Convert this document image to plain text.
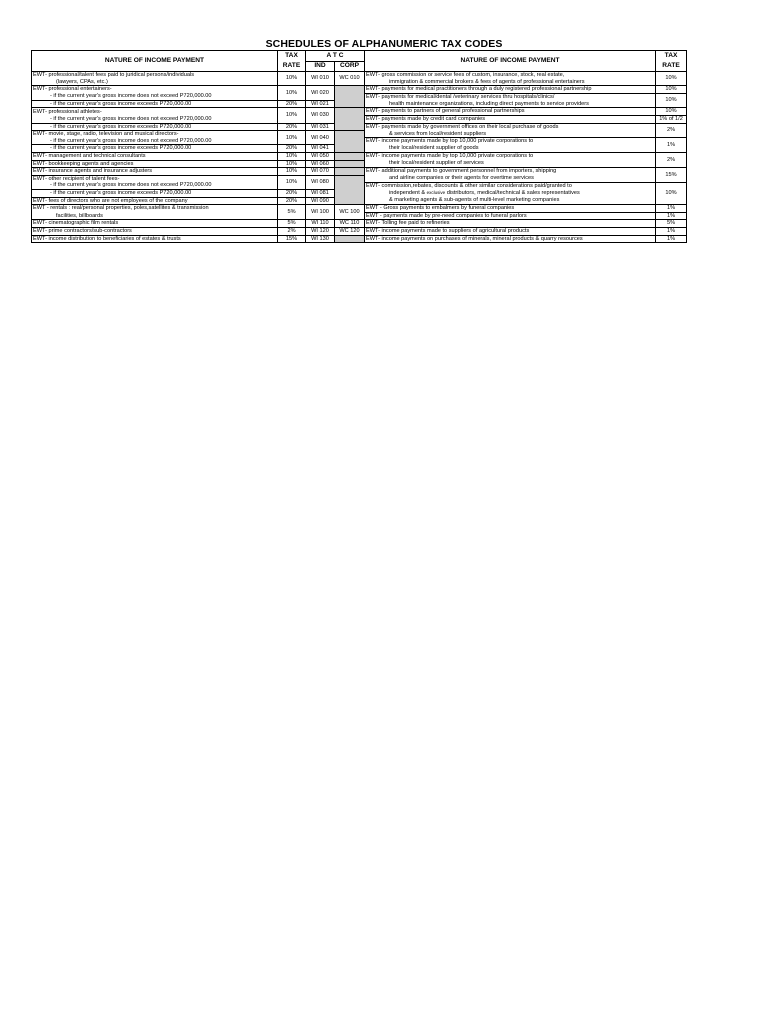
SCHEDULES OF ALPHANUMERIC TAX CODES
NATURE OF INCOME PAYMENT	TAX	A T C		NATURE OF INCOME PAYMENT	TAX
	RATE	IND	CORP		RATE
EWT- professional/talent fees paid to juridical persons/individuals	10%	WI 010	WC 010	EWT- gross commission or service fees of custom, insurance, stock, real estate,	10%
(lawyers, CPAs, etc.)				immigration & commercial brokers & fees of agents of professional entertainers	
EWT- professional entertainers-	10%	WI 020		EWT- payments for medical practitioners through a duly registered professional partnership	10%
- if the current year's gross income does not exceed P720,000.00				EWT- payments for medical/dental /veterinary services thru hospitals/clinics/	10%
- if the current year's gross income exceeds P720,000.00	20%	WI 021		health maintenance organizations, including direct payments to service providers	
EWT- professional athletes-	10%	WI 030		EWT- payments to partners of general professional partnerships	10%
- if the current year's gross income does not exceed P720,000.00				EWT- payments made by credit card companies	1% of 1/2
- if the current year's gross income exceeds P720,000.00	20%	WI 031		EWT- payments made by government offices on their local purchase of goods	2%
EWT- movie, stage, radio, television and musical directors-	10%	WI 040		& services from local/resident suppliers	
- if the current year's gross income does not exceed P720,000.00				EWT- income payments made by top 10,000 private corporations to	1%
- if the current year's gross income exceeds P720,000.00	20%	WI 041		their local/resident supplier of goods	
EWT- management and technical consultants	10%	WI 050		EWT- income payments made by top 10,000 private corporations to	2%
EWT- bookkeeping agents and agencies	10%	WI 060		their local/resident supplier of services	
EWT- insurance agents and insurance adjusters	10%	WI 070		EWT- additional payments to government personnel from importers, shipping	15%
EWT- other recipient of talent fees-	10%	WI 080		and airline companies or their agents for overtime services	
- if the current year's gross income does not exceed P720,000.00				EWT- commission,rebates, discounts & other similar considerations paid/granted to	10%
- if the current year's gross income exceeds P720,000.00	20%	WI 081		independent & exclusive distributors, medical/technical & sales representatives	
EWT- fees of directors who are not employees of the company	20%	WI 090		& marketing agents & sub-agents of multi-level marketing companies	
EWT - rentals : real/personal properties, poles,satellites & transmission	5%	WI 100	WC 100	EWT - Gross payments to embalmers by funeral companies	1%
facilities, billboards				EWT - payments made by pre-need companies to funeral parlors	1%
EWT- cinematographic film rentals	5%	WI 110	WC 110	EWT- Tolling fee paid to refineries	5%
EWT- prime contractors/sub-contractors	2%	WI 120	WC 120	EWT- income payments made to suppliers of agricultural products	1%
EWT- income distribution to beneficiaries of estates & trusts	15%	WI 130		EWT- income payments on purchases of minerals, mineral products & quarry resources	1%
